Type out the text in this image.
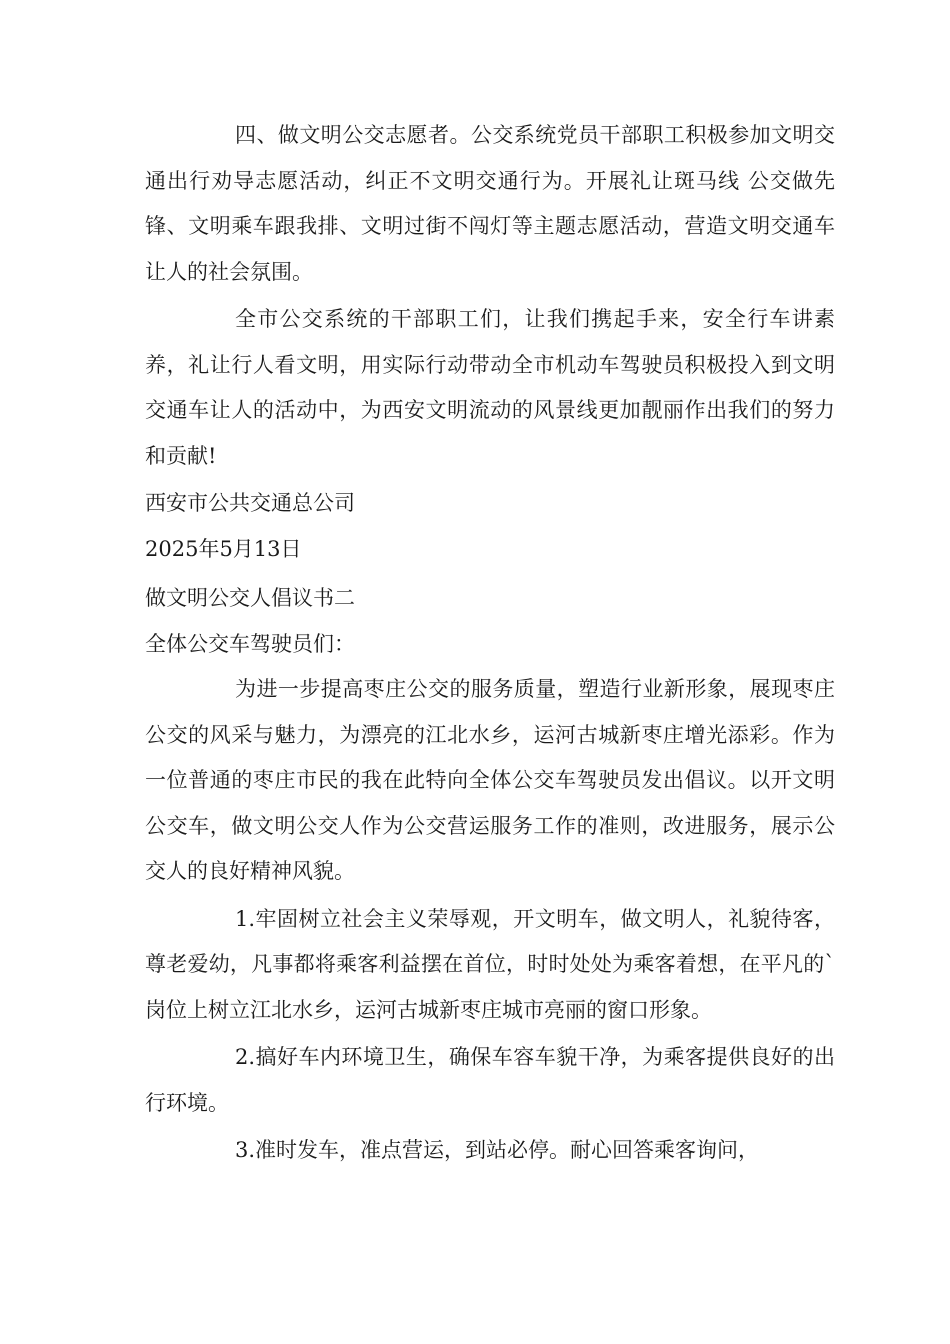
四、做文明公交志愿者。公交系统党员干部职工积极参加文明交通出行劝导志愿活动，纠正不文明交通行为。开展礼让斑马线 公交做先锋、文明乘车跟我排、文明过街不闯灯等主题志愿活动，营造文明交通车让人的社会氛围。

全市公交系统的干部职工们，让我们携起手来，安全行车讲素养，礼让行人看文明，用实际行动带动全市机动车驾驶员积极投入到文明交通车让人的活动中，为西安文明流动的风景线更加靓丽作出我们的努力和贡献!

西安市公共交通总公司

2025年5月13日

做文明公交人倡议书二

全体公交车驾驶员们：

为进一步提高枣庄公交的服务质量，塑造行业新形象，展现枣庄公交的风采与魅力，为漂亮的江北水乡，运河古城新枣庄增光添彩。作为一位普通的枣庄市民的我在此特向全体公交车驾驶员发出倡议。以开文明公交车，做文明公交人作为公交营运服务工作的准则，改进服务，展示公交人的良好精神风貌。

1.牢固树立社会主义荣辱观，开文明车，做文明人，礼貌待客，尊老爱幼，凡事都将乘客利益摆在首位，时时处处为乘客着想，在平凡的`岗位上树立江北水乡，运河古城新枣庄城市亮丽的窗口形象。

2.搞好车内环境卫生，确保车容车貌干净，为乘客提供良好的出行环境。

3.准时发车，准点营运，到站必停。耐心回答乘客询问，
